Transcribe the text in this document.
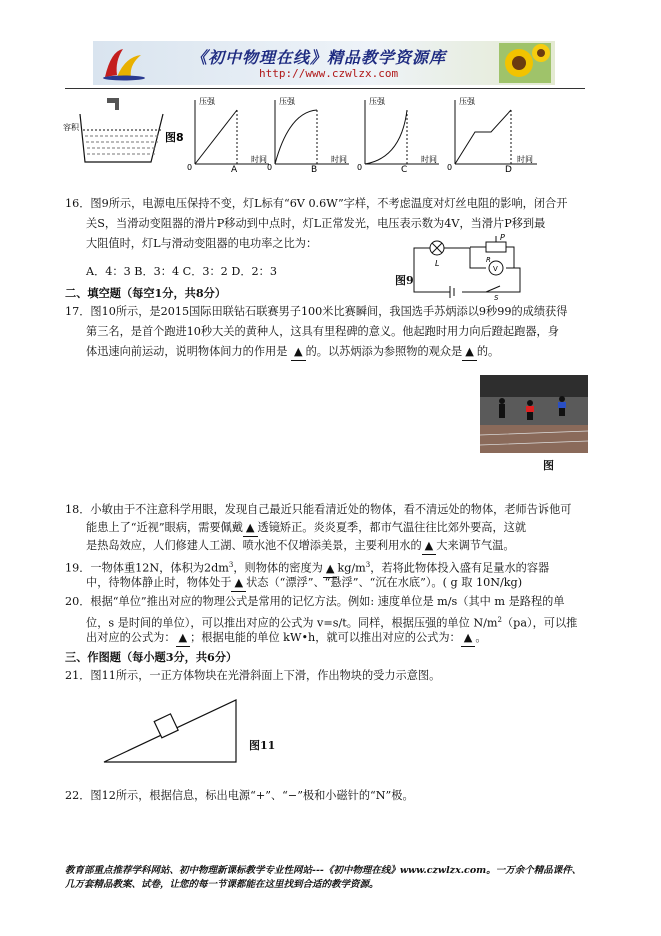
《初中物理在线》精品教学资源库
http://www.czwlzx.com
容积
图8
压强
时间
0	A
压强
时间
0	B
压强
时间
0	C
压强
时间
0	D
16．图9所示，电源电压保持不变，灯L标有“6V 0.6W”字样，不考虑温度对灯丝电阻的影响，闭合开
关S，当滑动变阻器的滑片P移动到中点时，灯L正常发光，电压表示数为4V，当滑片P移到最
大阻值时，灯L与滑动变阻器的电功率之比为：
A．4：3 B．3：4 C．3：2 D．2：3
P
R
V
L
S
图9
二、填空题（每空1分，共8分）
17．图10所示，是2015国际田联钻石联赛男子100米比赛瞬间，我国选手苏炳添以9秒99的成绩获得
第三名，是首个跑进10秒大关的黄种人，这具有里程碑的意义。他起跑时用力向后蹬起跑器，身
体迅速向前运动，说明物体间力的作用是 ▲ 的。以苏炳添为参照物的观众是 ▲ 的。
图
18．小敏由于不注意科学用眼，发现自己最近只能看清近处的物体，看不清远处的物体，老师告诉他可
能患上了“近视”眼病，需要佩戴 ▲ 透镜矫正。炎炎夏季，都市气温往往比郊外要高，这就
是热岛效应，人们修建人工湖、喷水池不仅增添美景，主要利用水的 ▲ 大来调节气温。
19．一物体重12N，体积为$2dm^3$，则物体的密度为 ▲ $kg/m^3$，若将此物体投入盛有足量水的容器
中，待物体静止时，物体处于 ▲ 状态（“漂浮”、“悬浮”、“沉在水底”）。( g 取 10N/kg)
20．根据“单位”推出对应的物理公式是常用的记忆方法。例如: 速度单位是 m/s（其中 m 是路程的单
位，s 是时间的单位），可以推出对应的公式为 v=s/t。同样，根据压强的单位 $N/m^2(pa)$，可以推
出对应的公式为： ▲ ；根据电能的单位 kW•h，就可以推出对应的公式为： ▲ 。
三、作图题（每小题3分，共6分）
21．图11所示，一正方体物块在光滑斜面上下滑，作出物块的受力示意图。
图11
22．图12所示，根据信息，标出电源“+”、“−”极和小磁针的“N”极。
教育部重点推荐学科网站、初中物理新课标教学专业性网站---《初中物理在线》www.czwlzx.com。一万余个精品课件、
几万套精品教案、试卷，让您的每一节课都能在这里找到合适的教学资源。
